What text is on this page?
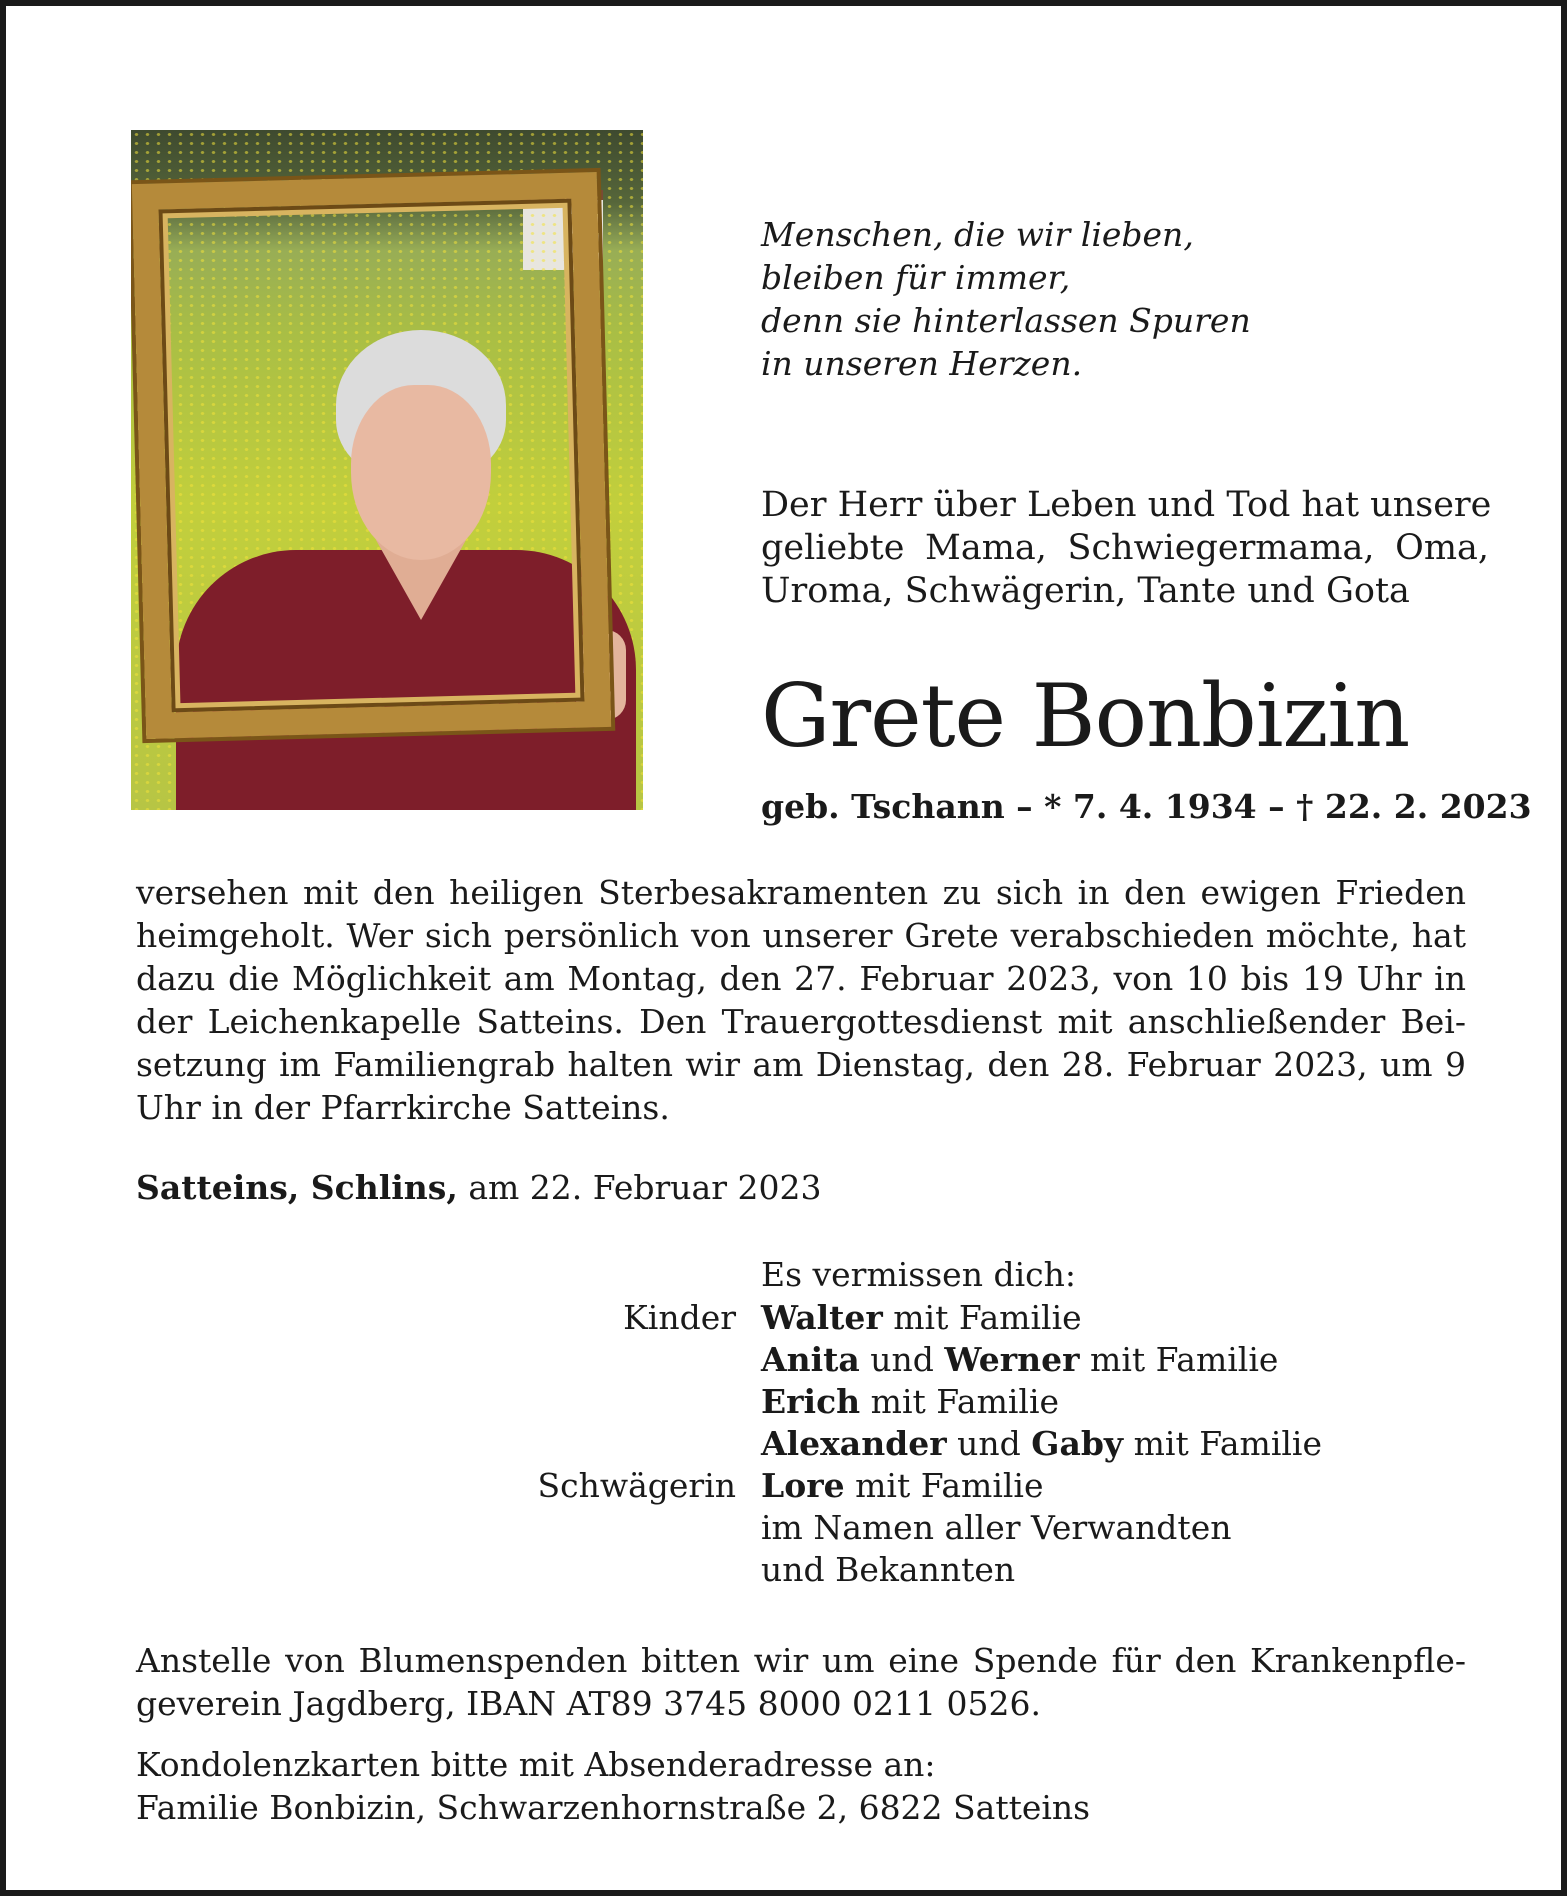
Menschen, die wir lieben,
bleiben für immer,
denn sie hinterlassen Spuren
in unseren Herzen.
Der Herr über Leben und Tod hat unsere
geliebte Mama, Schwiegermama, Oma,
Uroma, Schwägerin, Tante und Gota
Grete Bonbizin
geb. Tschann – * 7. 4. 1934 – † 22. 2. 2023
versehen mit den heiligen Sterbesakramenten zu sich in den ewigen Frieden
heimgeholt. Wer sich persönlich von unserer Grete verabschieden möchte, hat
dazu die Möglichkeit am Montag, den 27. Februar 2023, von 10 bis 19 Uhr in
der Leichenkapelle Satteins. Den Trauergottesdienst mit anschließender Bei-
setzung im Familiengrab halten wir am Dienstag, den 28. Februar 2023, um 9
Uhr in der Pfarrkirche Satteins.
Satteins, Schlins, am 22. Februar 2023
Es vermissen dich:
Kinder
Schwägerin
Walter mit Familie
Anita und Werner mit Familie
Erich mit Familie
Alexander und Gaby mit Familie
Lore mit Familie
im Namen aller Verwandten
und Bekannten
Anstelle von Blumenspenden bitten wir um eine Spende für den Krankenpfle-
geverein Jagdberg, IBAN AT89 3745 8000 0211 0526.
Kondolenzkarten bitte mit Absenderadresse an:
Familie Bonbizin, Schwarzenhornstraße 2, 6822 Satteins
